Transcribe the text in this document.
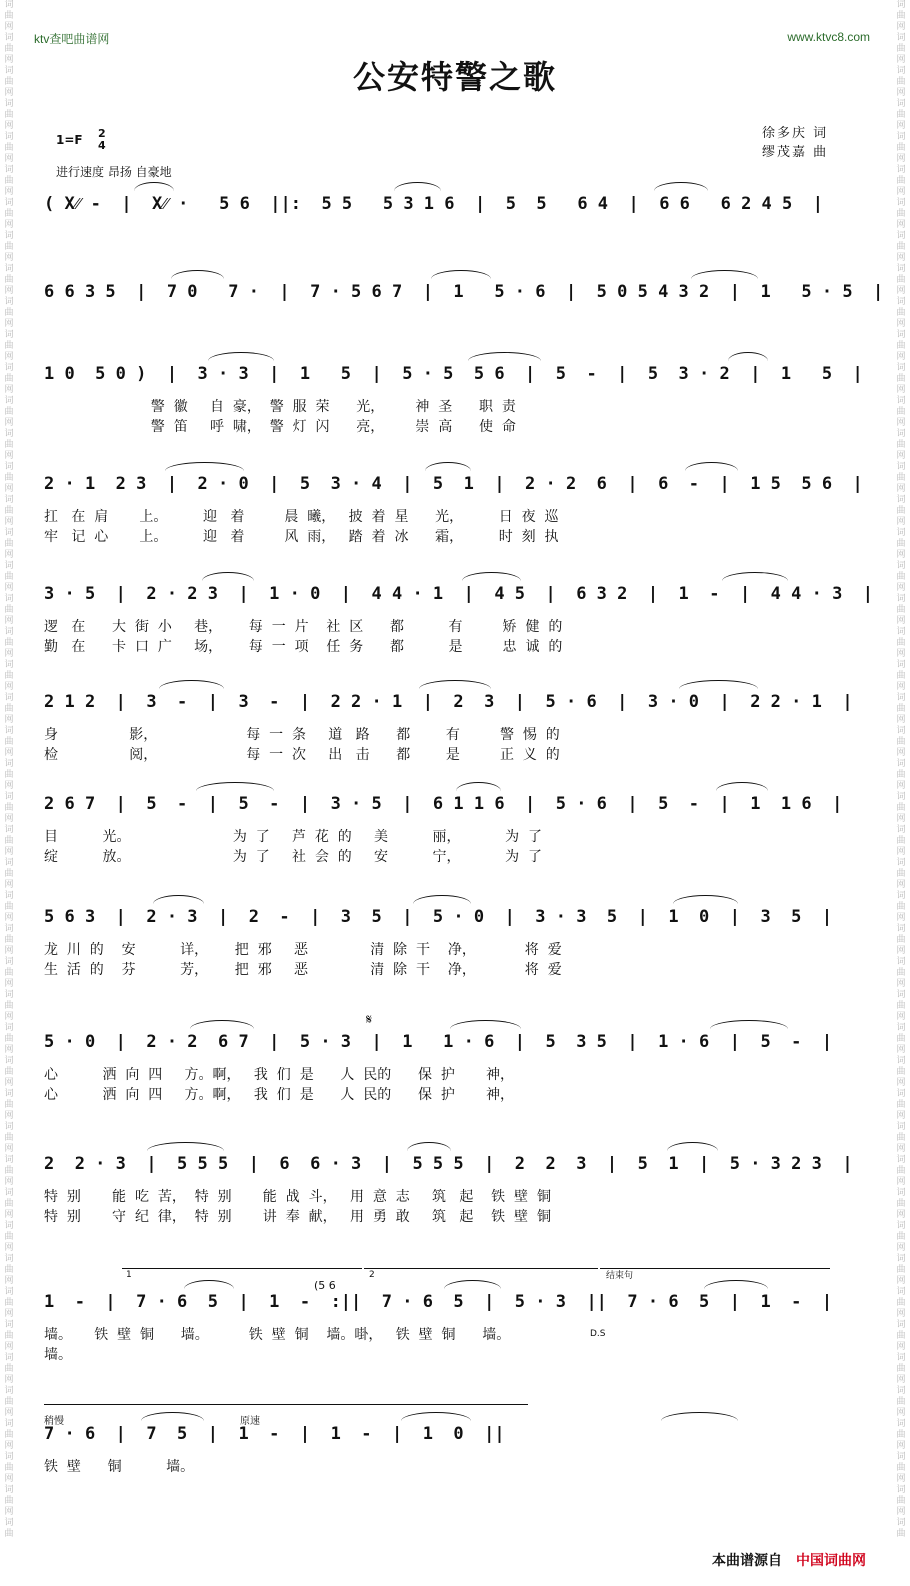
词
曲
网
词
曲
网
词
曲
网
词
曲
网
词
曲
网
词
曲
网
词
曲
网
词
曲
网
词
曲
网
词
曲
网
词
曲
网
词
曲
网
词
曲
网
词
曲
网
词
曲
网
词
曲
网
词
曲
网
词
曲
网
词
曲
网
词
曲
网
词
曲
网
词
曲
网
词
曲
网
词
曲
网
词
曲
网
词
曲
网
词
曲
网
词
曲
网
词
曲
网
词
曲
网
词
曲
网
词
曲
网
词
曲
网
词
曲
网
词
曲
网
词
曲
网
词
曲
网
词
曲
网
词
曲
网
词
曲
网
词
曲
网
词
曲
网
词
曲
网
词
曲
网
词
曲
网
词
曲
网
词
曲
词
曲
网
词
曲
网
词
曲
网
词
曲
网
词
曲
网
词
曲
网
词
曲
网
词
曲
网
词
曲
网
词
曲
网
词
曲
网
词
曲
网
词
曲
网
词
曲
网
词
曲
网
词
曲
网
词
曲
网
词
曲
网
词
曲
网
词
曲
网
词
曲
网
词
曲
网
词
曲
网
词
曲
网
词
曲
网
词
曲
网
词
曲
网
词
曲
网
词
曲
网
词
曲
网
词
曲
网
词
曲
网
词
曲
网
词
曲
网
词
曲
网
词
曲
网
词
曲
网
词
曲
网
词
曲
网
词
曲
网
词
曲
网
词
曲
网
词
曲
网
词
曲
网
词
曲
网
词
曲
网
词
曲
ktv查吧曲谱网	www.ktvc8.com
公安特警之歌
1=F 2
4
进行速度 昂扬 自豪地
徐多庆 词
缪茂嘉 曲
( X⁄⁄ -  |  X⁄⁄ ·   5 6  ||:  5 5   5 3 1 6  |  5  5   6 4  |  6 6   6 2 4 5  |
6 6 3 5  |  7 0   7 ·  |  7 · 5 6 7  |  1   5 · 6  |  5 0 5 4 3 2  |  1   5 · 5  |
1 0  5 0 )  |  3 · 3  |  1   5  |  5 · 5  5 6  |  5  -  |  5  3 · 2  |  1   5  |
警  徽     自  豪，  警  服  荣      光，       神  圣      职  责
警  笛     呼  啸，  警  灯  闪      亮，       崇  高      使  命
2 · 1  2 3  |  2 · 0  |  5  3 · 4  |  5  1  |  2 · 2  6  |  6  -  |  1 5  5 6  |
扛   在  肩       上。        迎   着         晨  曦，   披  着  星      光，        日  夜  巡
牢   记  心       上。        迎   着         风  雨，   踏  着  冰      霜，        时  刻  执
3 · 5  |  2 · 2 3  |  1 · 0  |  4 4 · 1  |  4 5  |  6 3 2  |  1  -  |  4 4 · 3  |
逻   在      大  街  小     巷，      每  一  片    社  区      都          有         矫  健  的
勤   在      卡  口  广     场，      每  一  项    任  务      都          是         忠  诚  的
2 1 2  |  3  -  |  3  -  |  2 2 · 1  |  2  3  |  5 · 6  |  3 · 0  |  2 2 · 1  |
身                影，                    每  一  条     道   路      都        有         警  惕  的
检                阅，                    每  一  次     出   击      都        是         正  义  的
2 6 7  |  5  -  |  5  -  |  3 · 5  |  6 1 1 6  |  5 · 6  |  5  -  |  1  1 6  |
目          光。                       为  了     芦  花  的     美          丽，          为  了
绽          放。                       为  了     社  会  的     安          宁，          为  了
5 6 3  |  2 · 3  |  2  -  |  3  5  |  5 · 0  |  3 · 3  5  |  1  0  |  3  5  |
龙  川  的    安          详，      把  邪     恶              清  除  干    净，           将  爱
生  活  的    芬          芳，      把  邪     恶              清  除  干    净，           将  爱
5 · 0  |  2 · 2  6 7  |  5 · 3  |  1   1 · 6  |  5  3 5  |  1 · 6  |  5  -  |
心          洒  向  四     方。啊，   我  们  是      人  民的      保  护       神，
心          洒  向  四     方。啊，   我  们  是      人  民的      保  护       神，
2  2 · 3  |  5 5 5  |  6  6 · 3  |  5 5 5  |  2  2  3  |  5  1  |  5 · 3 2 3  |
特  别       能  吃  苦，  特  别       能  战  斗，   用  意  志     筑   起    铁  壁  铜
特  别       守  纪  律，  特  别       讲  奉  献，   用  勇  敢     筑   起    铁  壁  铜
1  -  |  7 · 6  5  |  1  -  :||  7 · 6  5  |  5 · 3  ||  7 · 6  5  |  1  -  |
墙。     铁  壁  铜      墙。         铁  壁  铜    墙。啩，   铁  壁  铜      墙。
墙。
7 · 6  |  7  5  |  1  -  |  1  -  |  1  0  ||
铁  壁      铜          墙。
本曲谱源自 中国词曲网
𝄋
1	2	结束句
D.S
(5 6
稍慢	原速
